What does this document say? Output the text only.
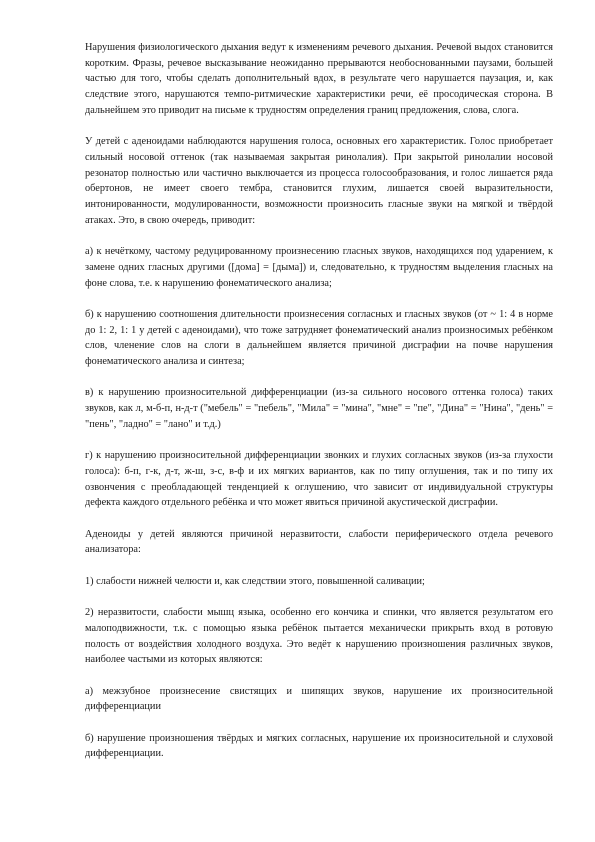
Нарушения физиологического дыхания ведут к изменениям речевого дыхания. Речевой выдох становится коротким. Фразы, речевое высказывание неожиданно прерываются необоснованными паузами, большей частью для того, чтобы сделать дополнительный вдох, в результате чего нарушается паузация, и, как следствие этого, нарушаются темпо-ритмические характеристики речи, её просодическая сторона. В дальнейшем это приводит на письме к трудностям определения границ предложения, слова, слога.

У детей с аденоидами наблюдаются нарушения голоса, основных его характеристик. Голос приобретает сильный носовой оттенок (так называемая закрытая ринолалия). При закрытой ринолалии носовой резонатор полностью или частично выключается из процесса голосообразования, и голос лишается ряда обертонов, не имеет своего тембра, становится глухим, лишается своей выразительности, интонированности, модулированности, возможности произносить гласные звуки на мягкой и твёрдой атаках. Это, в свою очередь, приводит:

а) к нечёткому, частому редуцированному произнесению гласных звуков, находящихся под ударением, к замене одних гласных другими ([дома] = [дыма]) и, следовательно, к трудностям выделения гласных на фоне слова, т.е. к нарушению фонематического анализа;

б) к нарушению соотношения длительности произнесения согласных и гласных звуков (от ~ 1: 4 в норме до 1: 2, 1: 1 у детей с аденоидами), что тоже затрудняет фонематический анализ произносимых ребёнком слов, членение слов на слоги в дальнейшем является причиной дисграфии на почве нарушения фонематического анализа и синтеза;

в) к нарушению произносительной дифференциации (из-за сильного носового оттенка голоса) таких звуков, как л, м-б-п, н-д-т ("мебель" = "пебель", "Мила" = "мина", "мне" = "пе", "Дина" = "Нина", "день" = "пень", "ладно" = "лано" и т.д.)

г) к нарушению произносительной дифференциации звонких и глухих согласных звуков (из-за глухости голоса): б-п, г-к, д-т, ж-ш, з-с, в-ф и их мягких вариантов, как по типу оглушения, так и по типу их озвончения с преобладающей тенденцией к оглушению, что зависит от индивидуальной структуры дефекта каждого отдельного ребёнка и что может явиться причиной акустической дисграфии.

Аденоиды у детей являются причиной неразвитости, слабости периферического отдела речевого анализатора:

1) слабости нижней челюсти и, как следствии этого, повышенной саливации;

2) неразвитости, слабости мышц языка, особенно его кончика и спинки, что является результатом его малоподвижности, т.к. с помощью языка ребёнок пытается механически прикрыть вход в ротовую полость от воздействия холодного воздуха. Это ведёт к нарушению произношения различных звуков, наиболее частыми из которых являются:

а) межзубное произнесение свистящих и шипящих звуков, нарушение их произносительной дифференциации

б) нарушение произношения твёрдых и мягких согласных, нарушение их произносительной и слуховой дифференциации.
